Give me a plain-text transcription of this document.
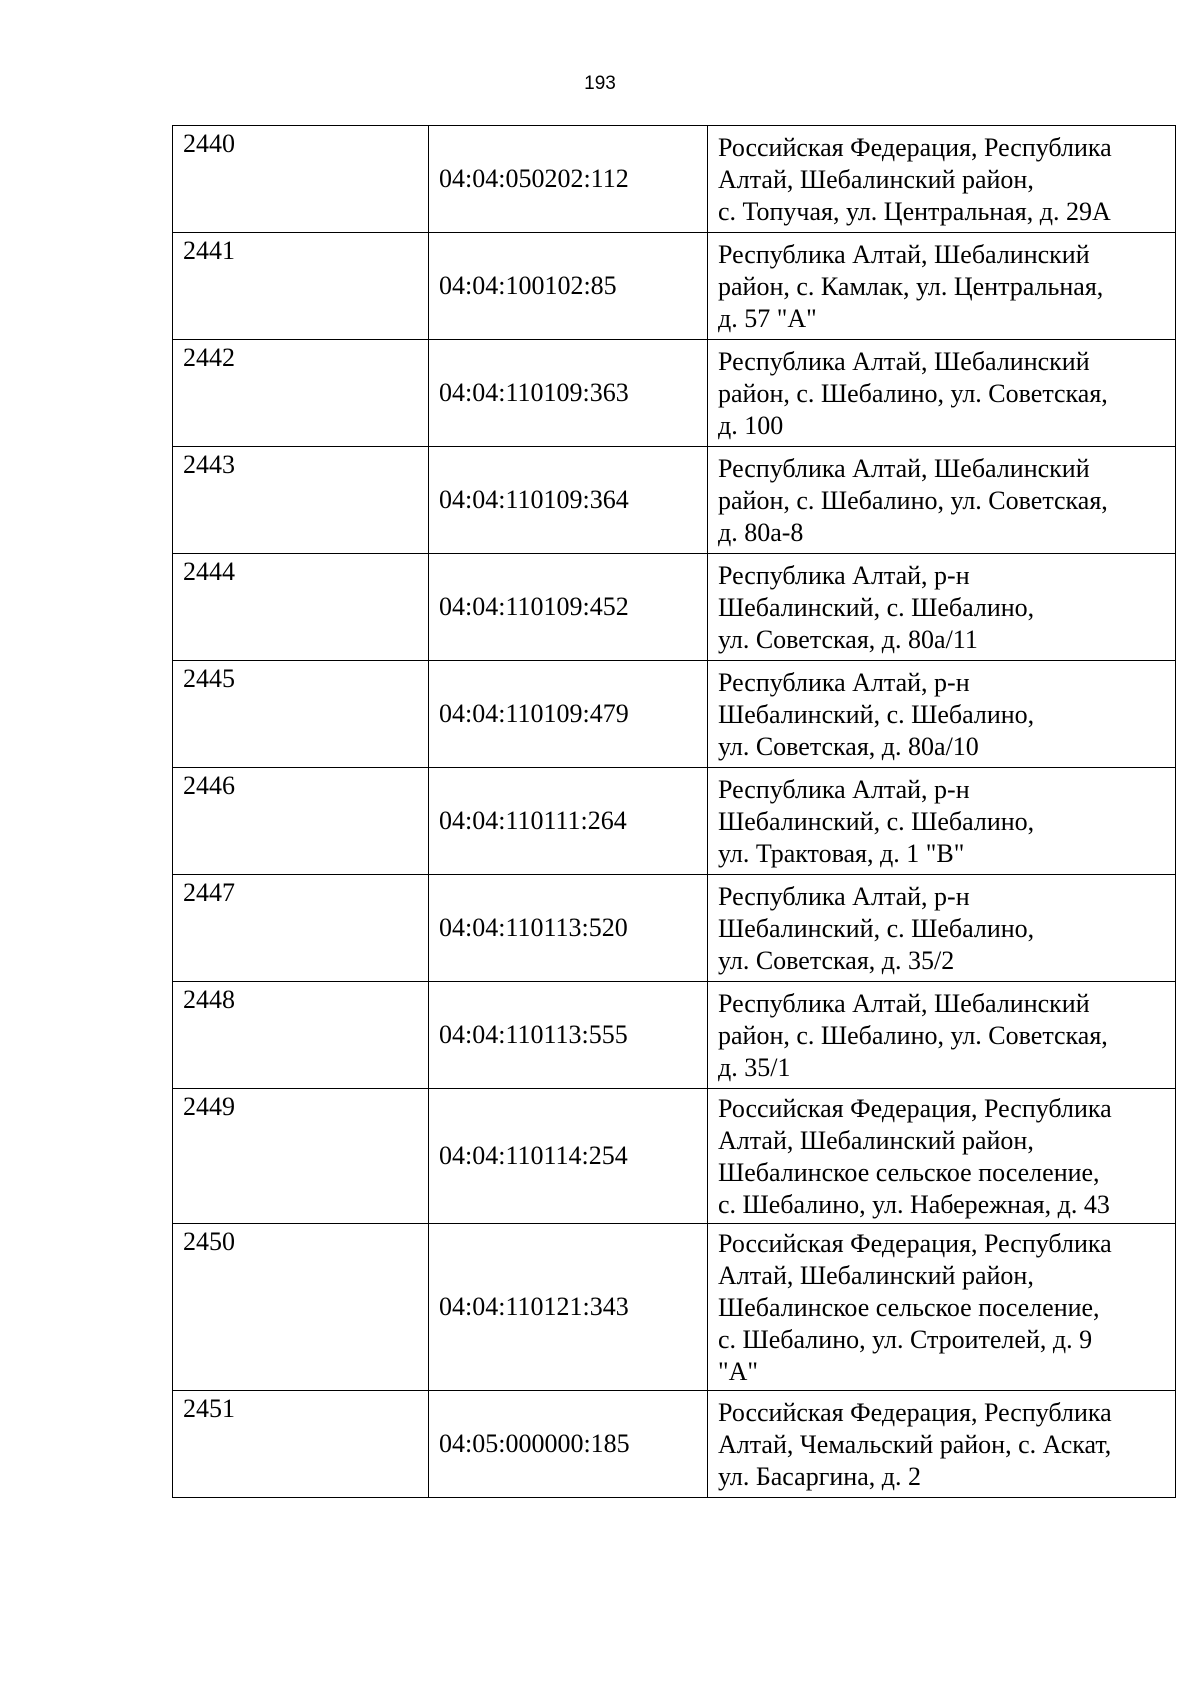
193
2440	04:04:050202:112	Российская Федерация, Республика
Алтай, Шебалинский район,
с. Топучая, ул. Центральная, д. 29А

2441	04:04:100102:85	Республика Алтай, Шебалинский
район, с. Камлак, ул. Центральная,
д. 57 "А"

2442	04:04:110109:363	Республика Алтай, Шебалинский
район, с. Шебалино, ул. Советская,
д. 100

2443	04:04:110109:364	Республика Алтай, Шебалинский
район, с. Шебалино, ул. Советская,
д. 80а-8

2444	04:04:110109:452	Республика Алтай, р-н
Шебалинский, с. Шебалино,
ул. Советская, д. 80а/11

2445	04:04:110109:479	Республика Алтай, р-н
Шебалинский, с. Шебалино,
ул. Советская, д. 80а/10

2446	04:04:110111:264	Республика Алтай, р-н
Шебалинский, с. Шебалино,
ул. Трактовая, д. 1 "В"

2447	04:04:110113:520	Республика Алтай, р-н
Шебалинский, с. Шебалино,
ул. Советская, д. 35/2

2448	04:04:110113:555	Республика Алтай, Шебалинский
район, с. Шебалино, ул. Советская,
д. 35/1

2449	04:04:110114:254	Российская Федерация, Республика
Алтай, Шебалинский район,
Шебалинское сельское поселение,
с. Шебалино, ул. Набережная, д. 43

2450	04:04:110121:343	Российская Федерация, Республика
Алтай, Шебалинский район,
Шебалинское сельское поселение,
с. Шебалино, ул. Строителей, д. 9
"А"

2451	04:05:000000:185	Российская Федерация, Республика
Алтай, Чемальский район, с. Аскат,
ул. Басаргина, д. 2
